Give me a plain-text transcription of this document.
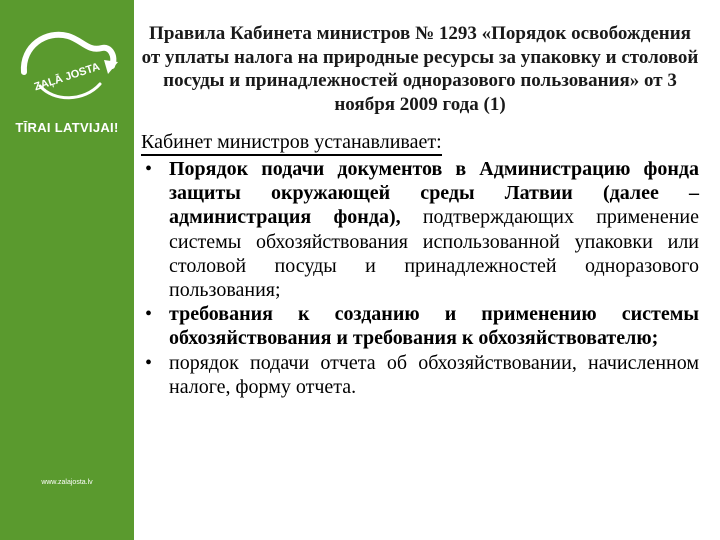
ZAĻĀ JOSTA
TĪRAI LATVIJAI!
www.zalajosta.lv
Правила Кабинета министров № 1293 «Порядок освобождения от уплаты налога на природные ресурсы за упаковку и столовой посуды и принадлежностей одноразового пользования» от 3 ноября 2009 года (1)
Кабинет министров устанавливает:
• Порядок подачи документов в Администрацию фонда защиты окружающей среды Латвии (далее – администрация фонда), подтверждающих применение системы обхозяйствования использованной упаковки или столовой посуды и принадлежностей одноразового пользования;
• требования к созданию и применению системы обхозяйствования и требования к обхозяйствователю;
• порядок подачи отчета об обхозяйствовании, начисленном налоге, форму отчета.
